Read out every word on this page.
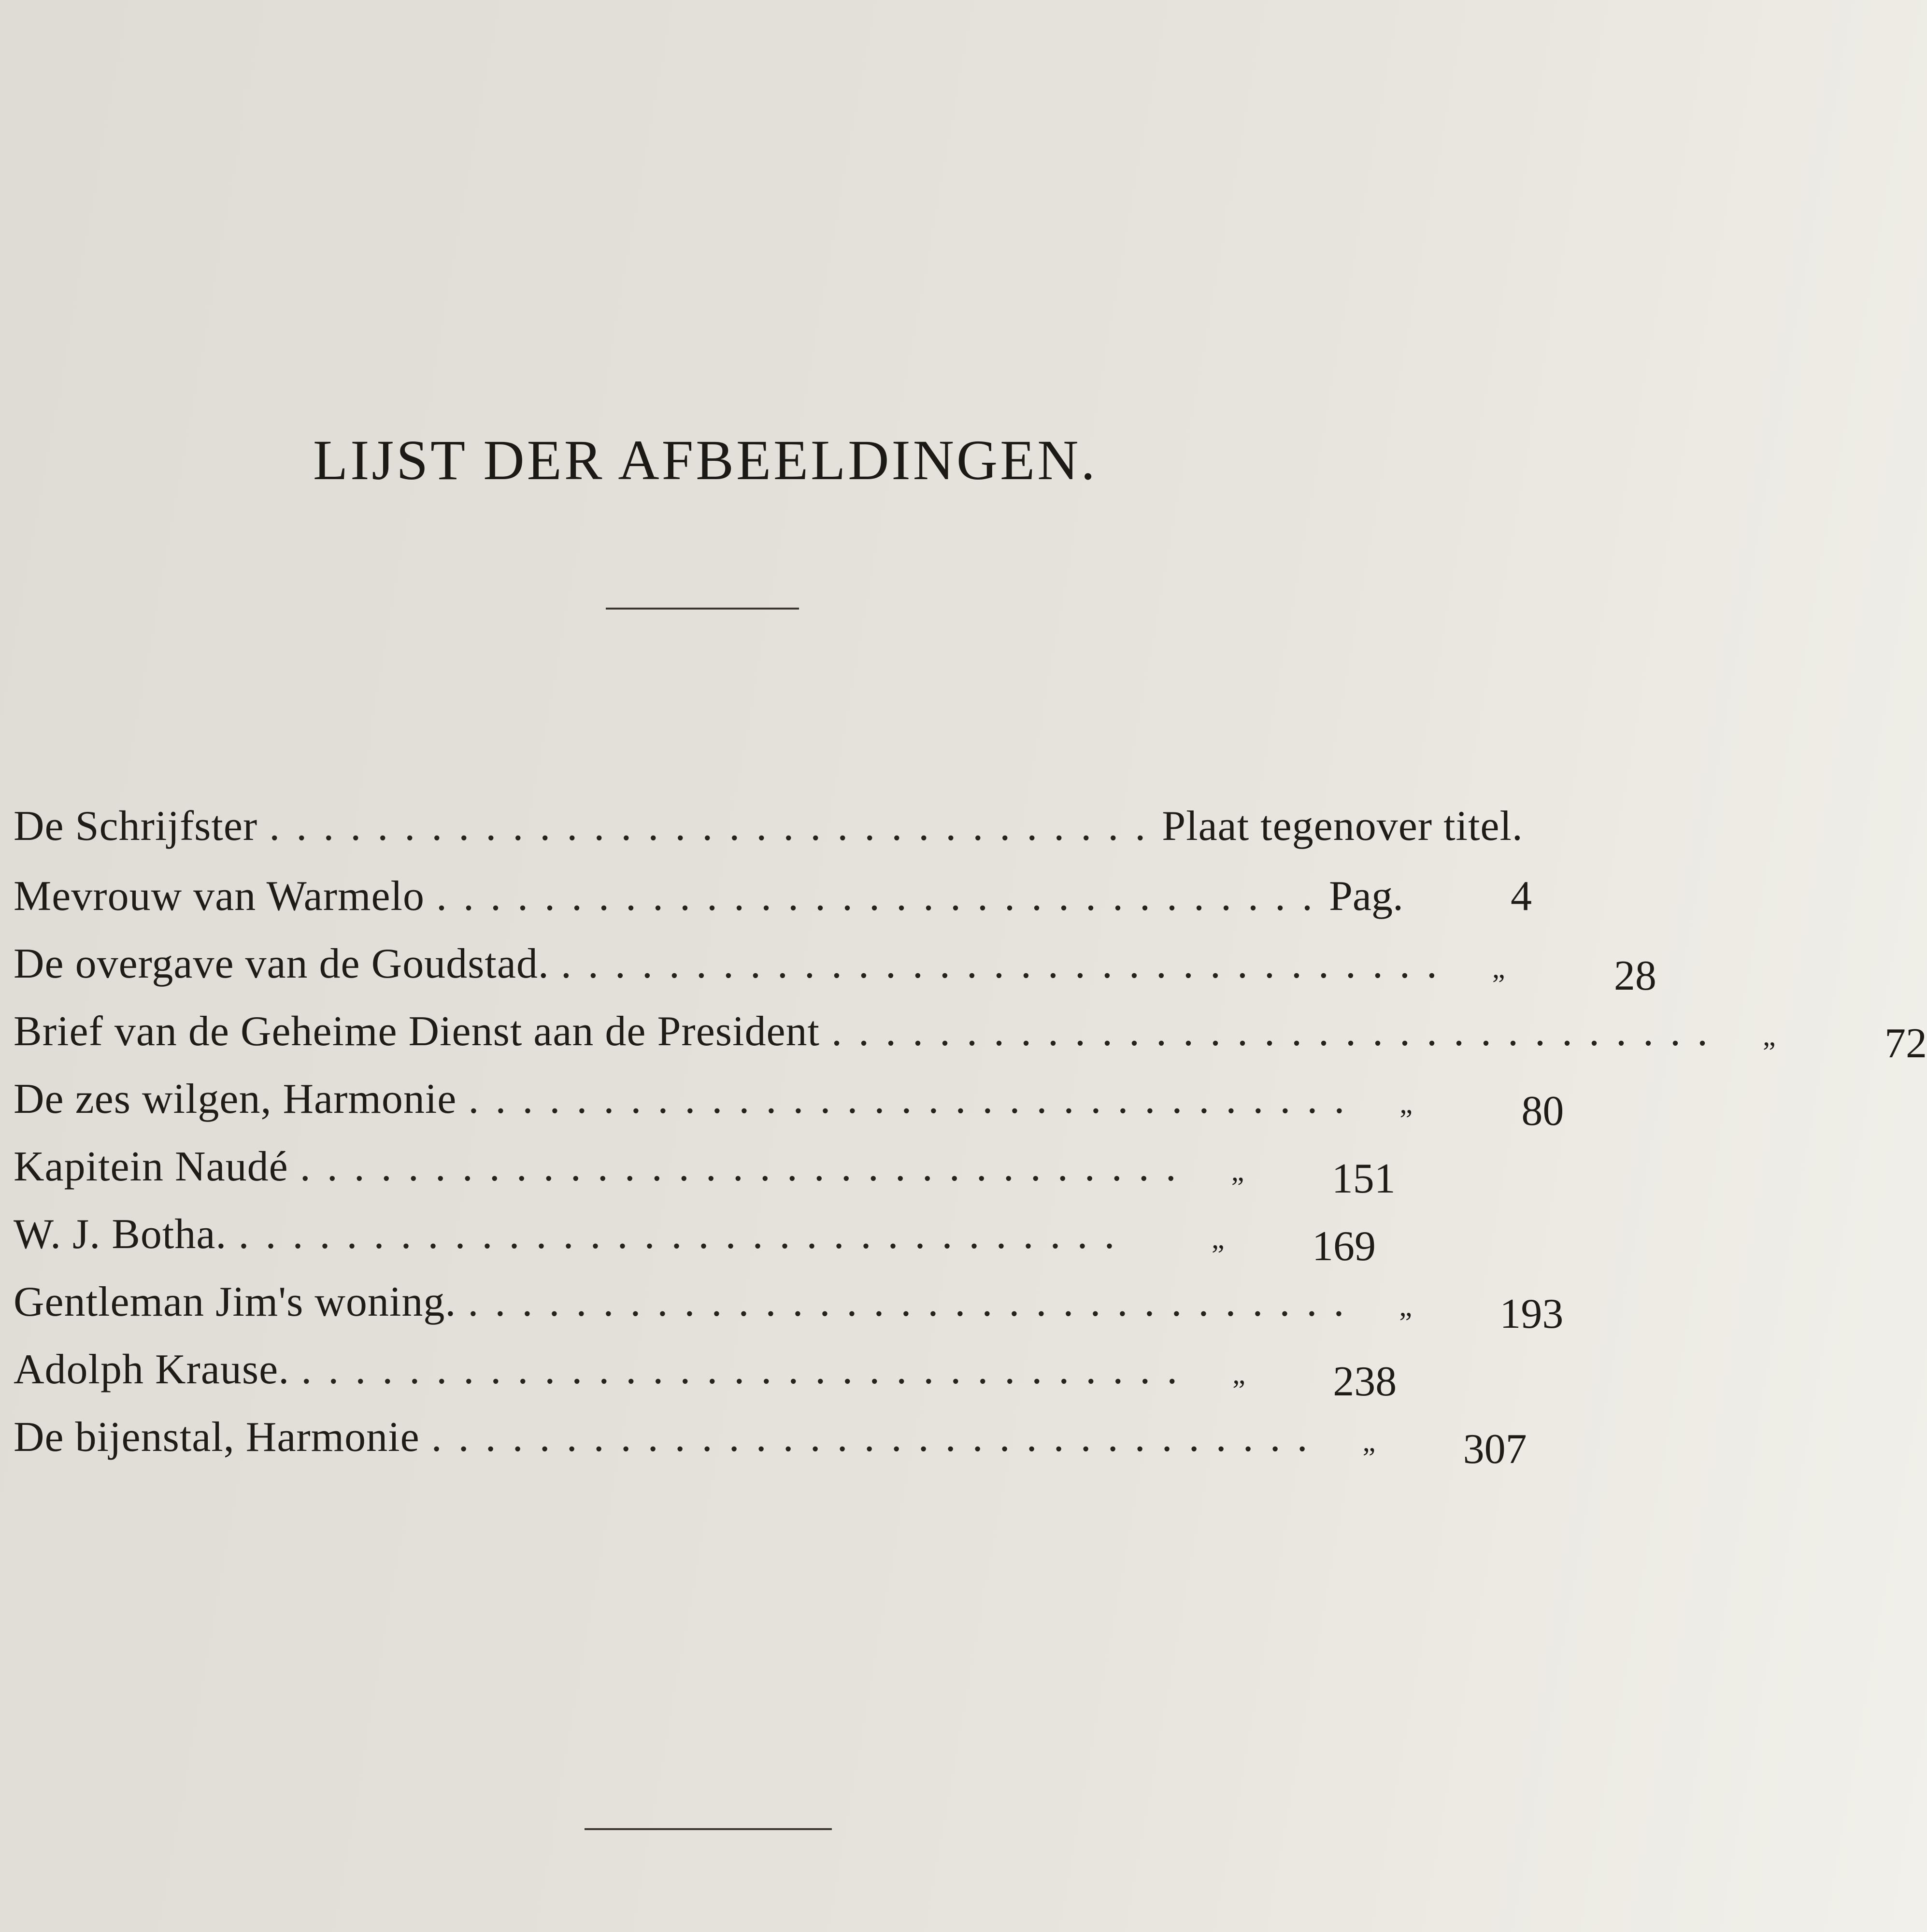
LIJST DER AFBEELDINGEN.
De Schrijfster ................................. Plaat tegenover titel.
Mevrouw van Warmelo ................................. Pag.	4
De overgave van de Goudstad. .................................	„	28
Brief van de Geheime Dienst aan de President .................................	„	72
De zes wilgen, Harmonie .................................	„	80
Kapitein Naudé .................................	„	151
W. J. Botha. .................................	„	169
Gentleman Jim's woning. .................................	„	193
Adolph Krause. .................................	„	238
De bijenstal, Harmonie .................................	„	307
